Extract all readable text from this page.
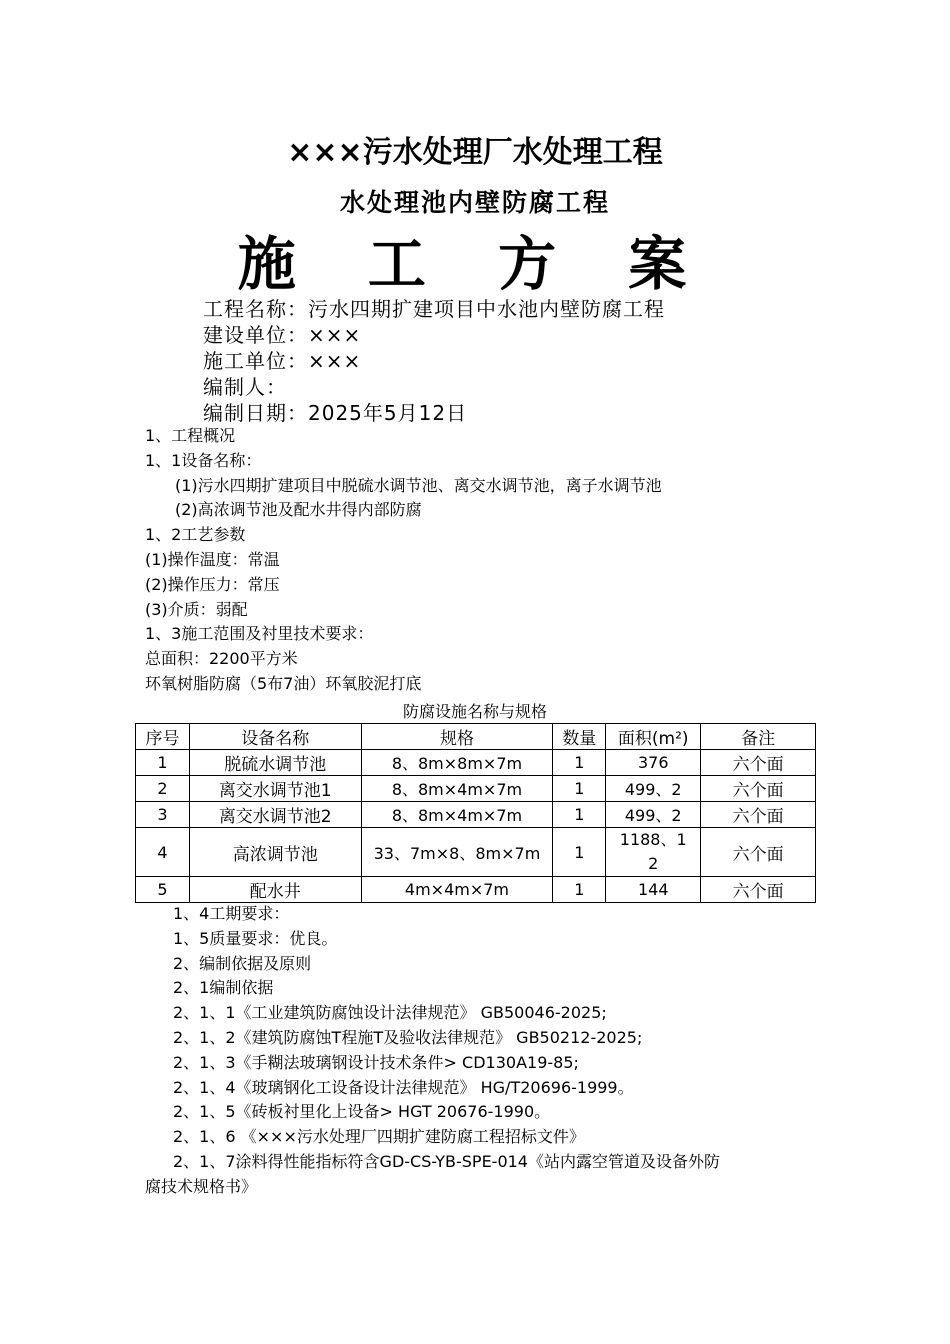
×××污水处理厂水处理工程
水处理池内壁防腐工程
施 工 方 案
工程名称：污水四期扩建项目中水池内壁防腐工程
建设单位：×××
施工单位：×××
编制人：
编制日期：2025年5月12日
1、工程概况
1、1设备名称：
(1)污水四期扩建项目中脱硫水调节池、离交水调节池，离子水调节池
(2)高浓调节池及配水井得内部防腐
1、2工艺参数
(1)操作温度：常温
(2)操作压力：常压
(3)介质：弱配
1、3施工范围及衬里技术要求：
总面积：2200平方米
环氧树脂防腐（5布7油）环氧胶泥打底
防腐设施名称与规格
序号	设备名称	规格	数量	面积(m²)	备注
1	脱硫水调节池	8、8m×8m×7m	1	376	六个面
2	离交水调节池1	8、8m×4m×7m	1	499、2	六个面
3	离交水调节池2	8、8m×4m×7m	1	499、2	六个面
4	高浓调节池	33、7m×8、8m×7m	1	1188、12	六个面
5	配水井	4m×4m×7m	1	144	六个面
1、4工期要求：
1、5质量要求：优良。
2、编制依据及原则
2、1编制依据
2、1、1《工业建筑防腐蚀设计法律规范》 GB50046-2025;
2、1、2《建筑防腐蚀T程施T及验收法律规范》 GB50212-2025;
2、1、3《手糊法玻璃钢设计技术条件> CD130A19-85;
2、1、4《玻璃钢化工设备设计法律规范》 HG/T20696-1999。
2、1、5《砖板衬里化上设备> HGT 20676-1990。
2、1、6 《×××污水处理厂四期扩建防腐工程招标文件》
2、1、7涂料得性能指标符含GD-CS-YB-SPE-014《站内露空管道及设备外防
腐技术规格书》
